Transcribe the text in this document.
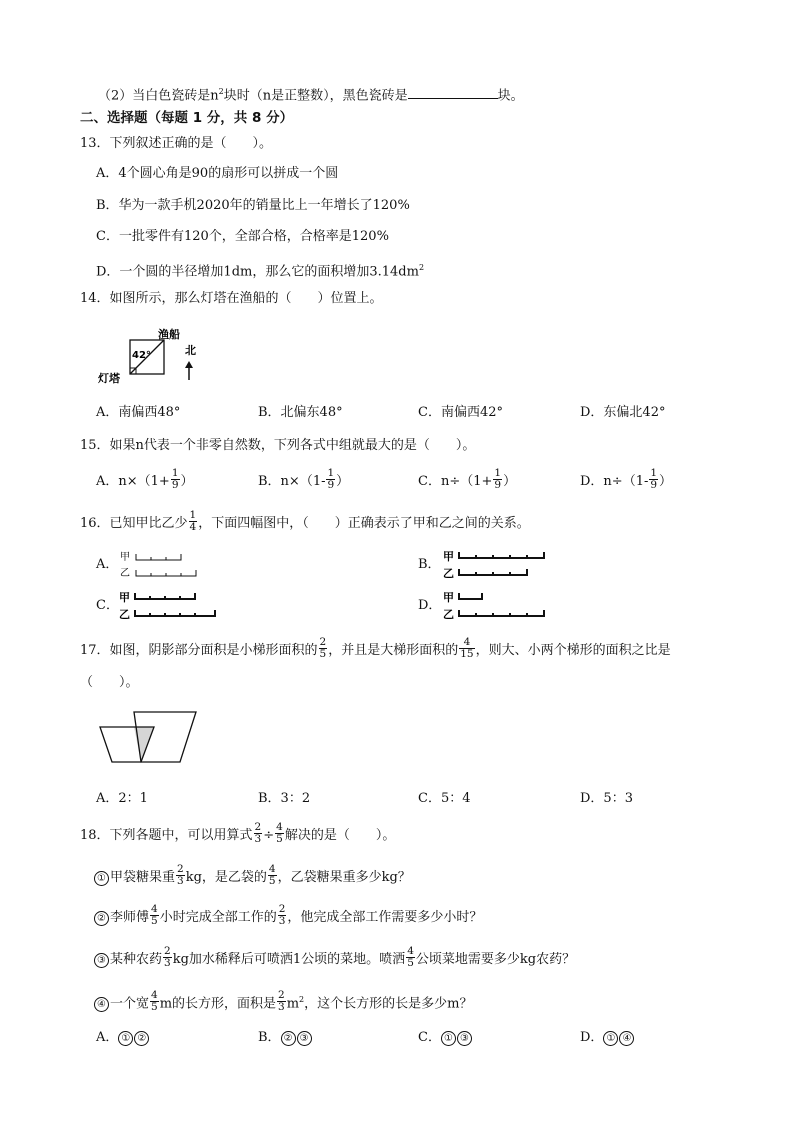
（2）当白色瓷砖是$n^2$块时（n是正整数），黑色瓷砖是	块。
二、选择题（每题 1 分，共 8 分）
13．下列叙述正确的是（　　）。
A．4个圆心角是90的扇形可以拼成一个圆
B．华为一款手机2020年的销量比上一年增长了120%
C．一批零件有120个，全部合格，合格率是120%
D．一个圆的半径增加1dm，那么它的面积增加$3.14dm^2$
14．如图所示，那么灯塔在渔船的（　　）位置上。
42°
渔船
灯塔
北
A．南偏西48°	B．北偏东48°	C．南偏西42°	D．东偏北42°
15．如果n代表一个非零自然数，下列各式中组就最大的是（　　）。
A．$n\times(1+ \frac{1}{9}$ ）	B．$n\times(1- \frac{1}{9}$ ）	C．$n\div(1+ \frac{1}{9}$ ）	D．$n\div(1- \frac{1}{9}$ ）
16．已知甲比乙少 $\frac{1}{4}$ ，下面四幅图中，（　　）正确表示了甲和乙之间的关系。
A． 甲
乙
B．
甲
乙
C．
甲
乙
D．
甲
乙
17．如图，阴影部分面积是小梯形面积的 $\frac{2}{5}$ ，并且是大梯形面积的 $\frac{4}{15}$ ，则大、小两个梯形的面积之比是
（　　）。
A．2：1	B．3：2	C．5：4	D．5：3
18．下列各题中，可以用算式 $\frac{2}{3} \div \frac{4}{5}$ 解决的是（　　）。
① 甲袋糖果重 $\frac{2}{3}$ kg，是乙袋的 $\frac{4}{5}$ ，乙袋糖果重多少kg？
② 李师傅 $\frac{4}{5}$ 小时完成全部工作的 $\frac{2}{3}$ ，他完成全部工作需要多少小时？
③ 某种农药 $\frac{2}{3}$ kg加水稀释后可喷洒1公顷的菜地。喷洒 $\frac{4}{5}$ 公顷菜地需要多少kg农药？
④ 一个宽 $\frac{4}{5}$ m的长方形，面积是 $\frac{2}{3} m^2$，这个长方形的长是多少m？
A． ① ②	B． ② ③	C． ① ③	D． ① ④
